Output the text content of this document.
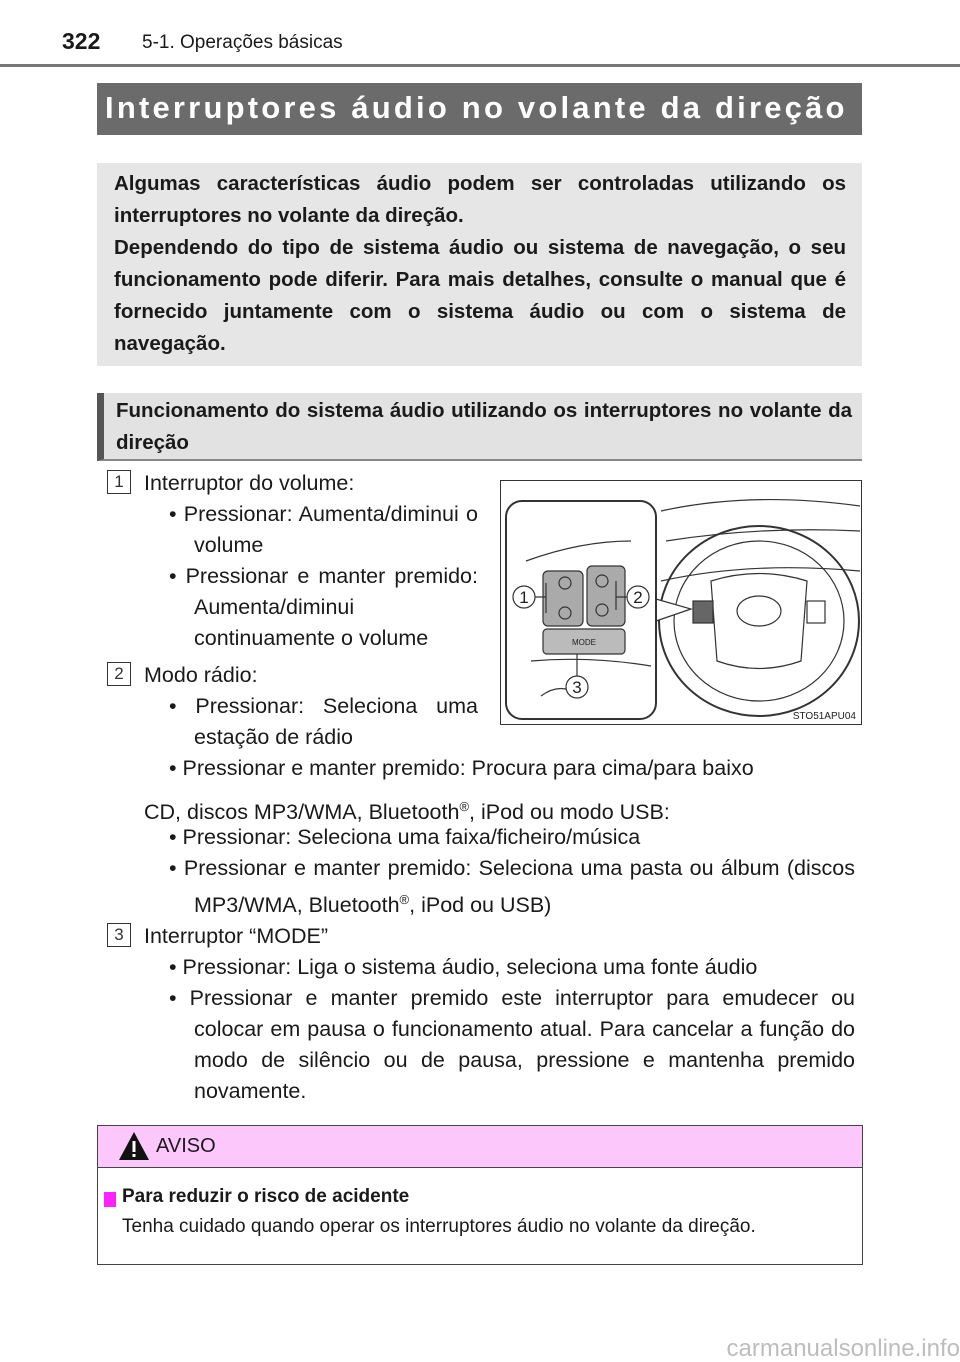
322 5-1. Operações básicas
Interruptores áudio no volante da direção

Algumas características áudio podem ser controladas utilizando os interruptores no volante da direção.

Dependendo do tipo de sistema áudio ou sistema de navegação, o seu funcionamento pode diferir. Para mais detalhes, consulte o manual que é fornecido juntamente com o sistema áudio ou com o sistema de navegação.

Funcionamento do sistema áudio utilizando os interruptores no volante da direção
1 Interruptor do volume:
• Pressionar: Aumenta/diminui o volume
• Pressionar e manter premido: Aumenta/diminui continuamente o volume
2 Modo rádio:
• Pressionar: Seleciona uma estação de rádio
• Pressionar e manter premido: Procura para cima/para baixo
CD, discos MP3/WMA, Bluetooth®, iPod ou modo USB:
• Pressionar: Seleciona uma faixa/ficheiro/música
• Pressionar e manter premido: Seleciona uma pasta ou álbum (discos MP3/WMA, Bluetooth®, iPod ou USB)
3 Interruptor “MODE”
• Pressionar: Liga o sistema áudio, seleciona uma fonte áudio
• Pressionar e manter premido este interruptor para emudecer ou colocar em pausa o funcionamento atual. Para cancelar a função do modo de silêncio ou de pausa, pressione e mantenha premido novamente.
1	2
3
MODE
STO51APU04
AVISO
Para reduzir o risco de acidente
Tenha cuidado quando operar os interruptores áudio no volante da direção.
carmanualsonline.info
